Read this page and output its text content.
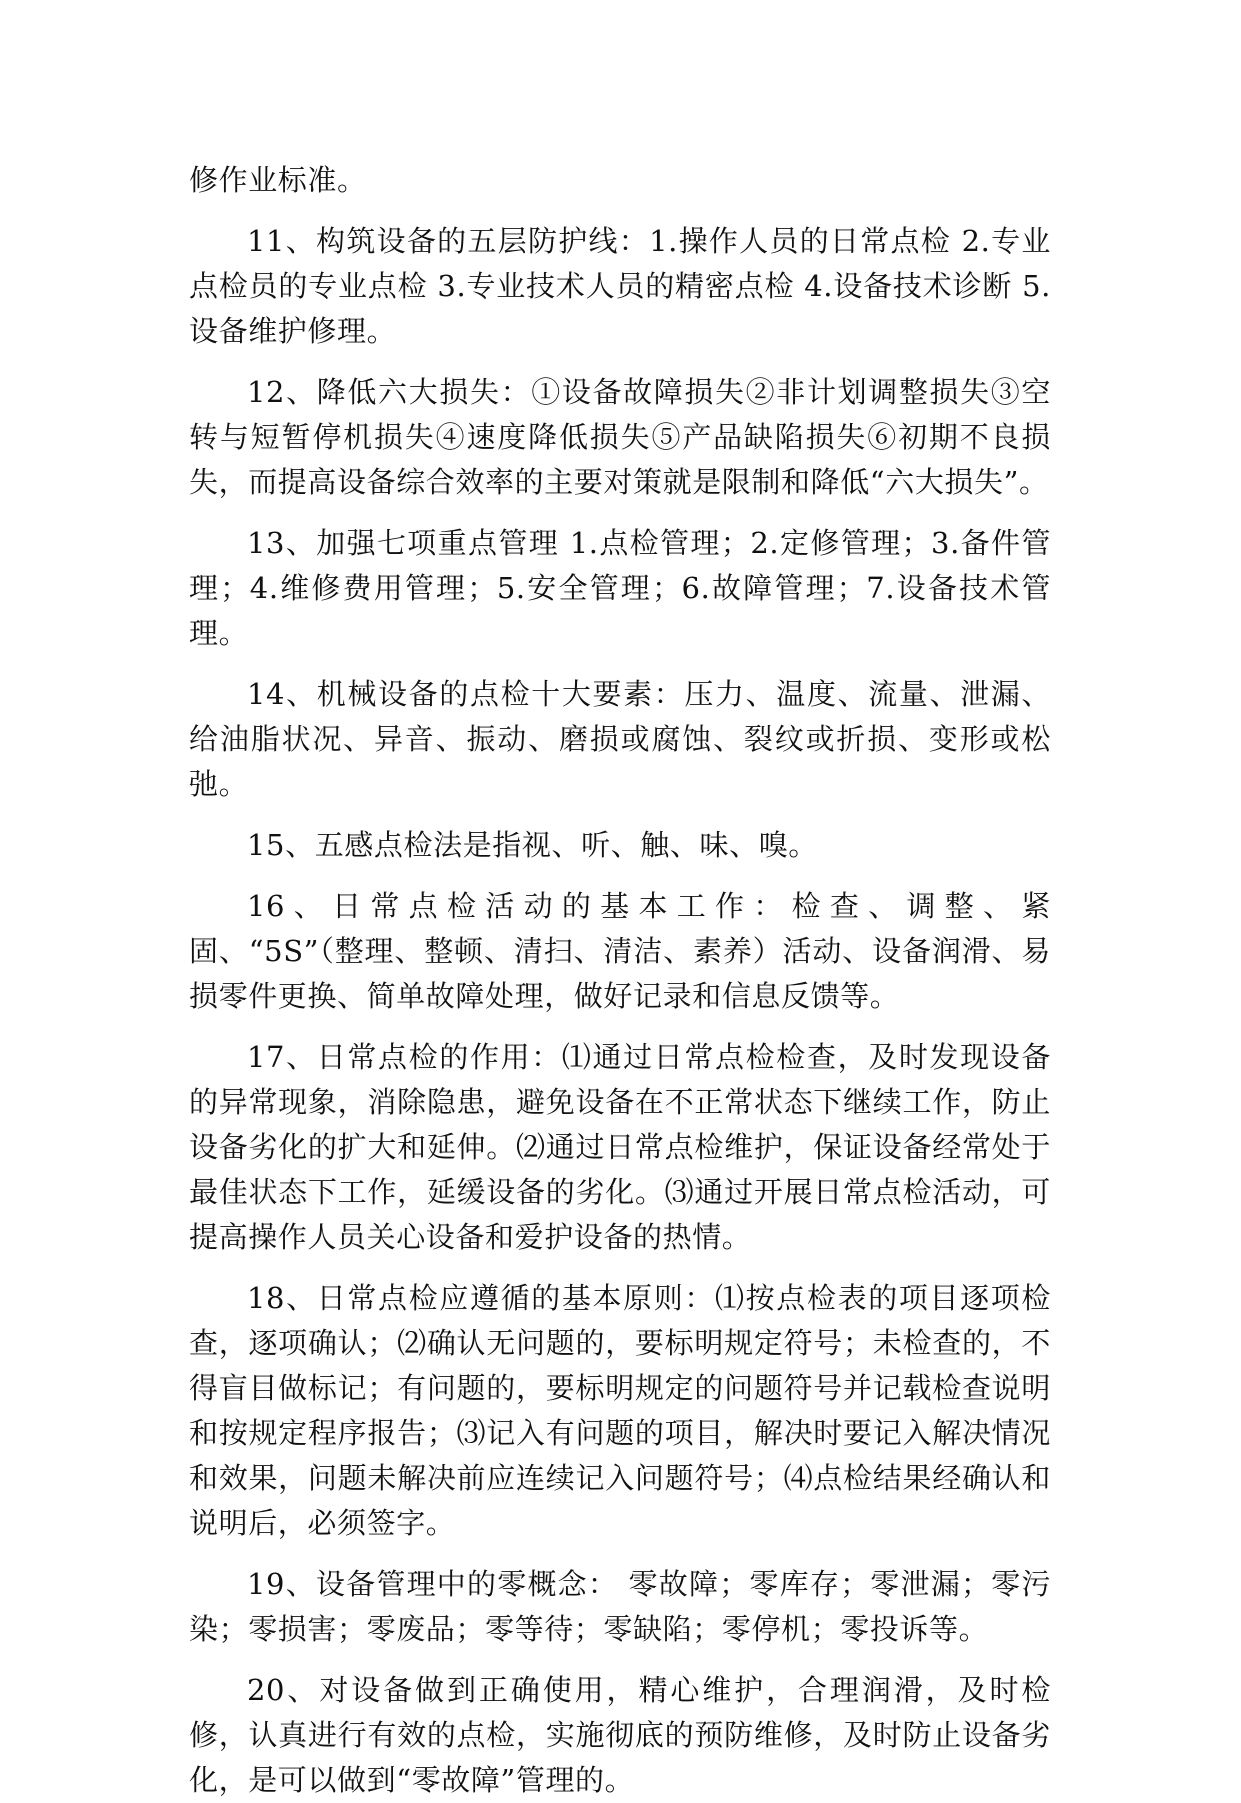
修作业标准。

11、构筑设备的五层防护线：1.操作人员的日常点检 2.专业点检员的专业点检 3.专业技术人员的精密点检 4.设备技术诊断 5.设备维护修理。

12、降低六大损失：①设备故障损失②非计划调整损失③空转与短暂停机损失④速度降低损失⑤产品缺陷损失⑥初期不良损失，而提高设备综合效率的主要对策就是限制和降低“六大损失”。

13、加强七项重点管理 1.点检管理；2.定修管理；3.备件管理；4.维修费用管理；5.安全管理；6.故障管理；7.设备技术管理。

14、机械设备的点检十大要素：压力、温度、流量、泄漏、给油脂状况、异音、振动、磨损或腐蚀、裂纹或折损、变形或松弛。

15、五感点检法是指视、听、触、味、嗅。

16、日常点检活动的基本工作：检查、调整、紧固、“5S”（整理、整顿、清扫、清洁、素养）活动、设备润滑、易损零件更换、简单故障处理，做好记录和信息反馈等。

17、日常点检的作用：⑴通过日常点检检查，及时发现设备的异常现象，消除隐患，避免设备在不正常状态下继续工作，防止设备劣化的扩大和延伸。⑵通过日常点检维护，保证设备经常处于最佳状态下工作，延缓设备的劣化。⑶通过开展日常点检活动，可提高操作人员关心设备和爱护设备的热情。

18、日常点检应遵循的基本原则：⑴按点检表的项目逐项检查，逐项确认；⑵确认无问题的，要标明规定符号；未检查的，不得盲目做标记；有问题的，要标明规定的问题符号并记载检查说明和按规定程序报告；⑶记入有问题的项目，解决时要记入解决情况和效果，问题未解决前应连续记入问题符号；⑷点检结果经确认和说明后，必须签字。

19、设备管理中的零概念： 零故障；零库存；零泄漏；零污染；零损害；零废品；零等待；零缺陷；零停机；零投诉等。

20、对设备做到正确使用，精心维护，合理润滑，及时检修，认真进行有效的点检，实施彻底的预防维修，及时防止设备劣化，是可以做到“零故障”管理的。
